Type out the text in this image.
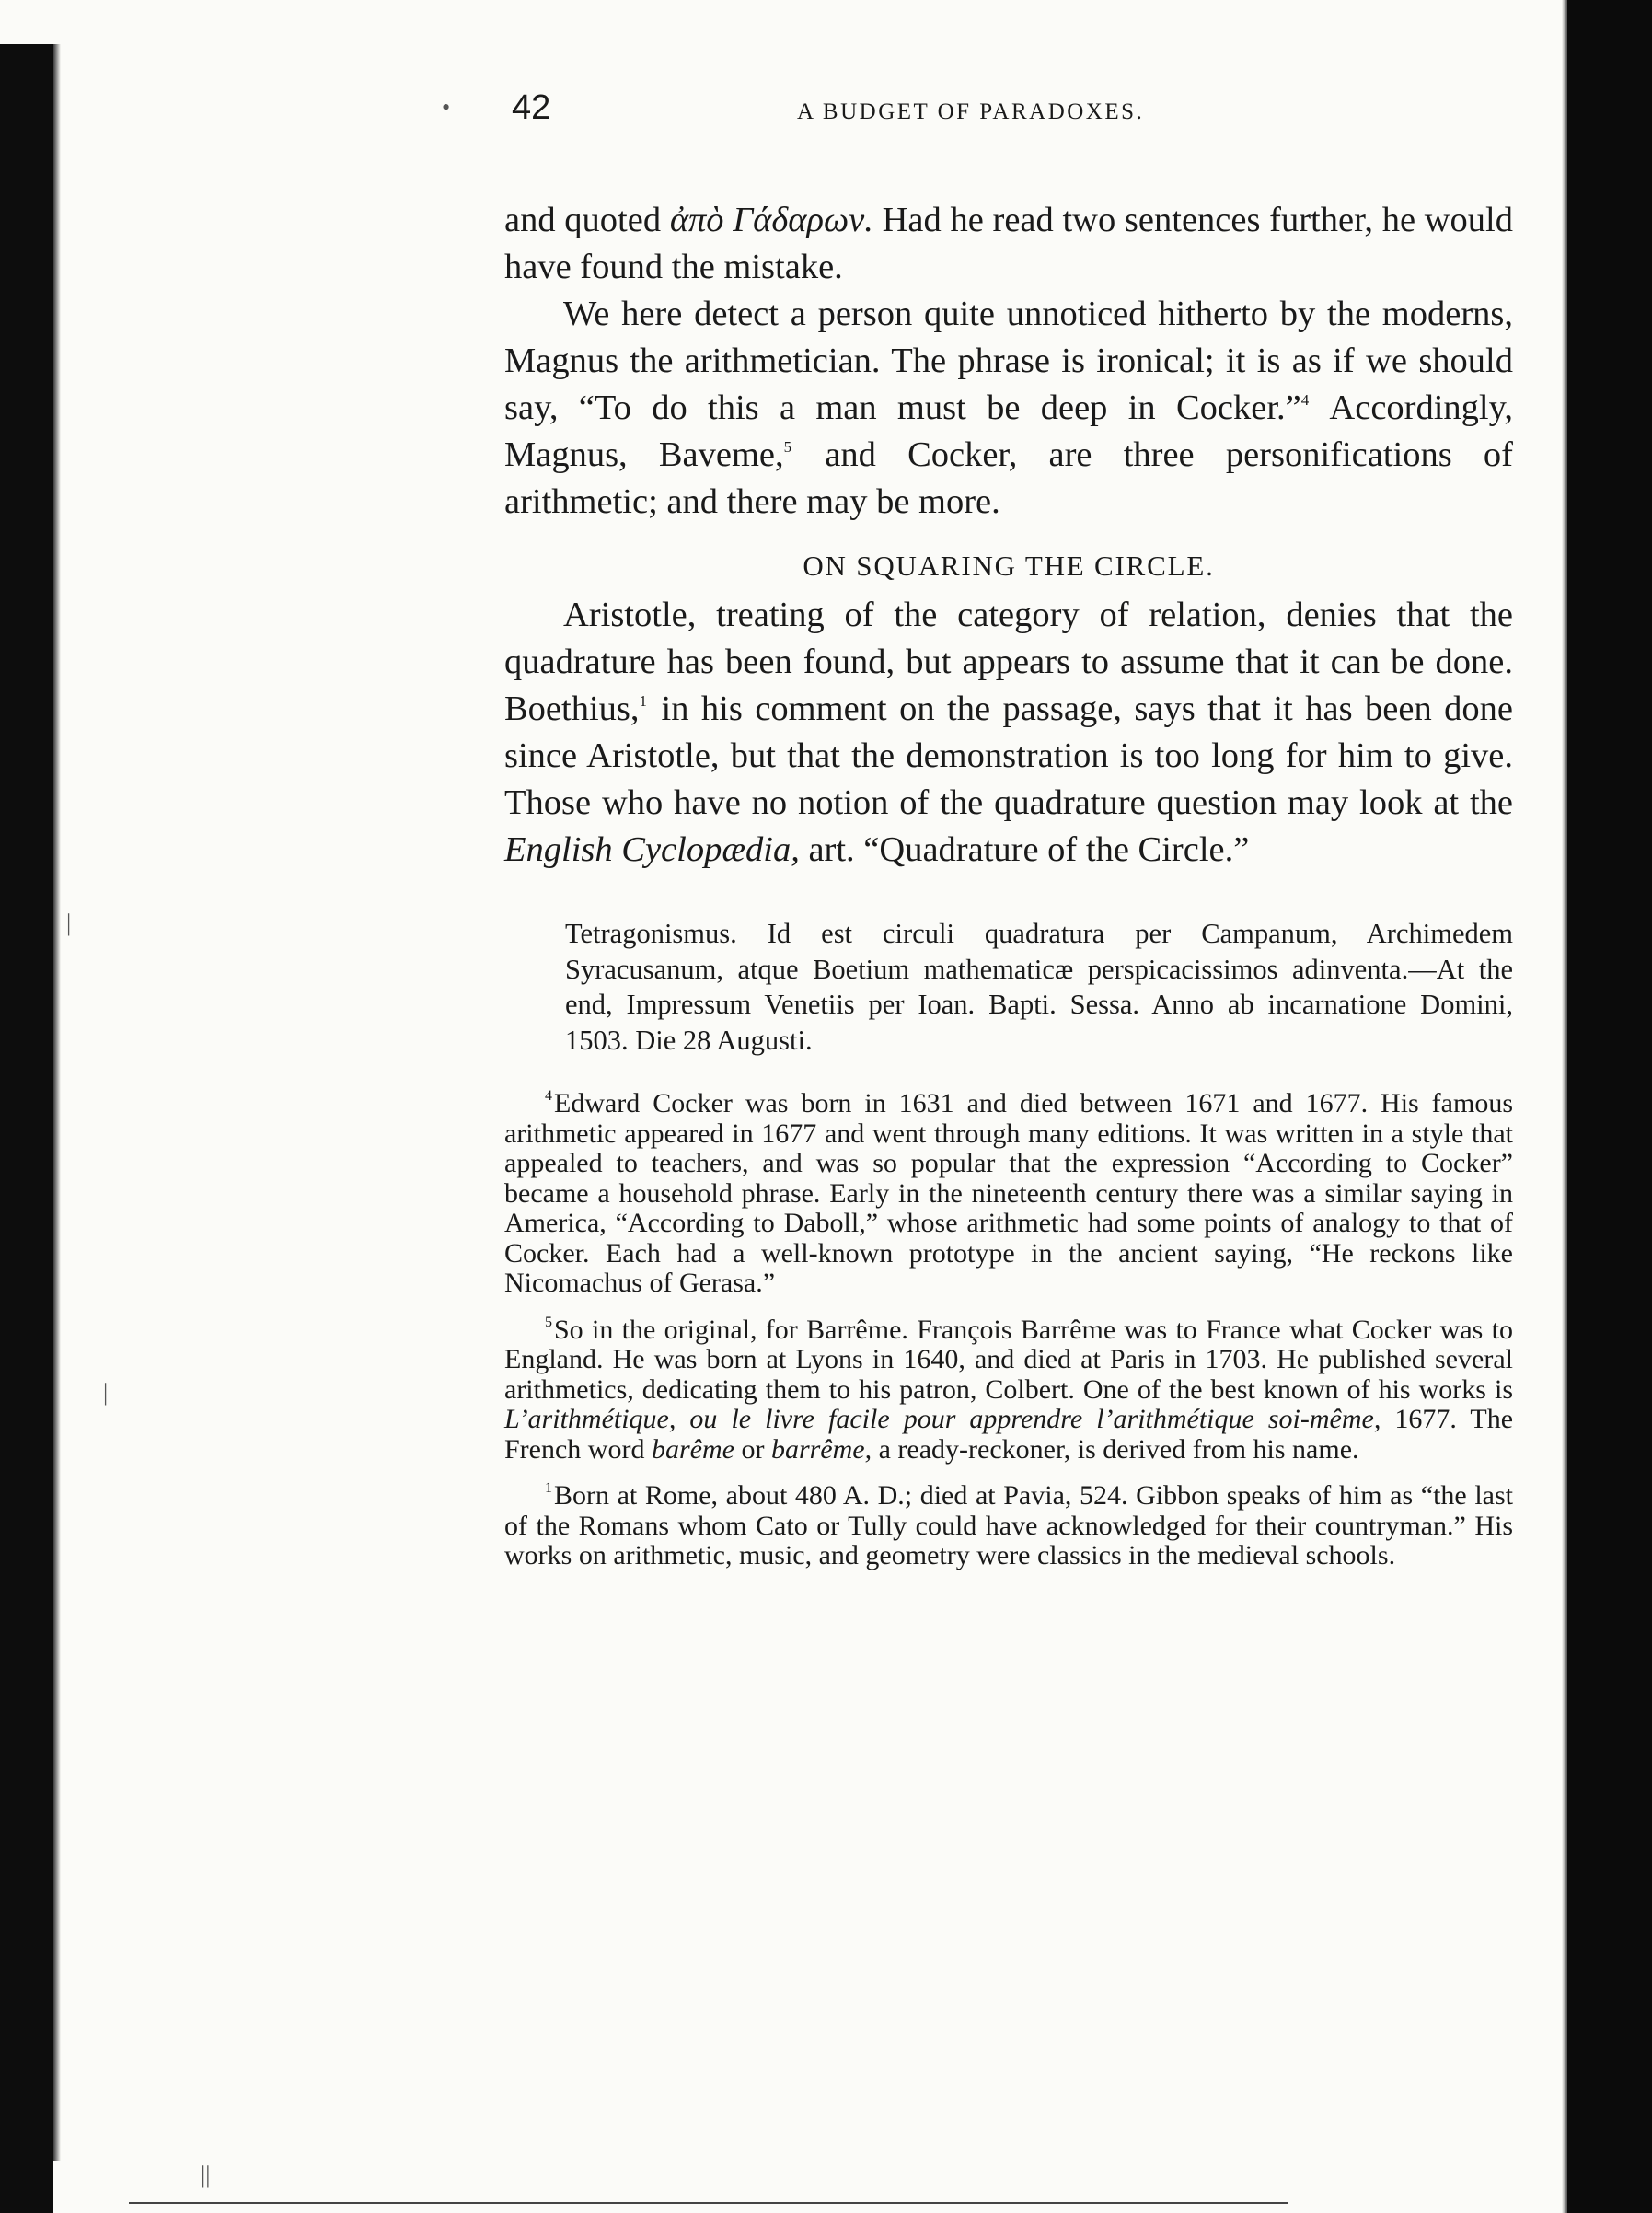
|
|
||
42	A BUDGET OF PARADOXES.

and quoted ἀπὸ Γάδαρων. Had he read two sentences further, he would have found the mistake.

We here detect a person quite unnoticed hitherto by the moderns, Magnus the arithmetician. The phrase is ironical; it is as if we should say, “To do this a man must be deep in Cocker.”$^4$ Accordingly, Magnus, Baveme,$^5$ and Cocker, are three personifications of arithmetic; and there may be more.

ON SQUARING THE CIRCLE.

Aristotle, treating of the category of relation, denies that the quadrature has been found, but appears to assume that it can be done. Boethius,$^1$ in his comment on the passage, says that it has been done since Aristotle, but that the demonstration is too long for him to give. Those who have no notion of the quadrature question may look at the English Cyclopædia, art. “Quadrature of the Circle.”

•
Tetragonismus. Id est circuli quadratura per Campanum, Archimedem Syracusanum, atque Boetium mathematicæ perspicacissimos adinventa.—At the end, Impressum Venetiis per Ioan. Bapti. Sessa. Anno ab incarnatione Domini, 1503. Die 28 Augusti.

$^4$Edward Cocker was born in 1631 and died between 1671 and 1677. His famous arithmetic appeared in 1677 and went through many editions. It was written in a style that appealed to teachers, and was so popular that the expression “According to Cocker” became a household phrase. Early in the nineteenth century there was a similar saying in America, “According to Daboll,” whose arithmetic had some points of analogy to that of Cocker. Each had a well-known prototype in the ancient saying, “He reckons like Nicomachus of Gerasa.”

$^5$So in the original, for Barrême. François Barrême was to France what Cocker was to England. He was born at Lyons in 1640, and died at Paris in 1703. He published several arithmetics, dedicating them to his patron, Colbert. One of the best known of his works is L’arithmétique, ou le livre facile pour apprendre l’arithmétique soi-même, 1677. The French word barême or barrême, a ready-reckoner, is derived from his name.

$^1$Born at Rome, about 480 A. D.; died at Pavia, 524. Gibbon speaks of him as “the last of the Romans whom Cato or Tully could have acknowledged for their countryman.” His works on arithmetic, music, and geometry were classics in the medieval schools.
